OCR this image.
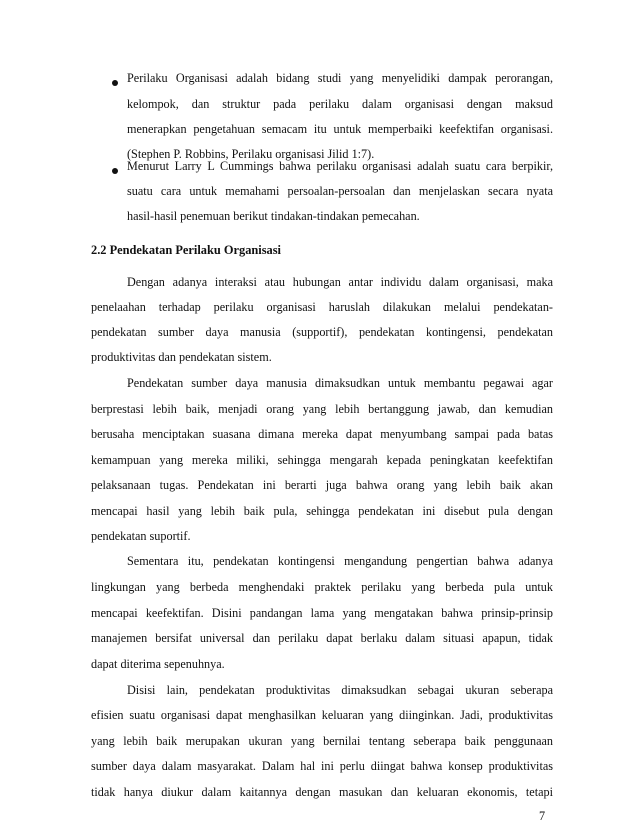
Perilaku Organisasi adalah bidang studi yang menyelidiki dampak perorangan,
kelompok, dan struktur pada perilaku dalam organisasi dengan maksud
menerapkan pengetahuan semacam itu untuk memperbaiki keefektifan organisasi.
(Stephen P. Robbins, Perilaku organisasi Jilid 1:7).
Menurut Larry L Cummings bahwa perilaku organisasi adalah suatu cara berpikir,
suatu cara untuk memahami persoalan-persoalan dan menjelaskan secara nyata
hasil-hasil penemuan berikut tindakan-tindakan pemecahan.
2.2 Pendekatan Perilaku Organisasi
Dengan adanya interaksi atau hubungan antar individu dalam organisasi, maka
penelaahan terhadap perilaku organisasi haruslah dilakukan melalui pendekatan-
pendekatan sumber daya manusia (supportif), pendekatan kontingensi, pendekatan
produktivitas dan pendekatan sistem.
Pendekatan sumber daya manusia dimaksudkan untuk membantu pegawai agar
berprestasi lebih baik, menjadi orang yang lebih bertanggung jawab, dan kemudian
berusaha menciptakan suasana dimana mereka dapat menyumbang sampai pada batas
kemampuan yang mereka miliki, sehingga mengarah kepada peningkatan keefektifan
pelaksanaan tugas. Pendekatan ini berarti juga bahwa orang yang lebih baik akan
mencapai hasil yang lebih baik pula, sehingga pendekatan ini disebut pula dengan
pendekatan suportif.
Sementara itu, pendekatan kontingensi mengandung pengertian bahwa adanya
lingkungan yang berbeda menghendaki praktek perilaku yang berbeda pula untuk
mencapai keefektifan. Disini pandangan lama yang mengatakan bahwa prinsip-prinsip
manajemen bersifat universal dan perilaku dapat berlaku dalam situasi apapun, tidak
dapat diterima sepenuhnya.
Disisi lain, pendekatan produktivitas dimaksudkan sebagai ukuran seberapa
efisien suatu organisasi dapat menghasilkan keluaran yang diinginkan. Jadi, produktivitas
yang lebih baik merupakan ukuran yang bernilai tentang seberapa baik penggunaan
sumber daya dalam masyarakat. Dalam hal ini perlu diingat bahwa konsep produktivitas
tidak hanya diukur dalam kaitannya dengan masukan dan keluaran ekonomis, tetapi
7
